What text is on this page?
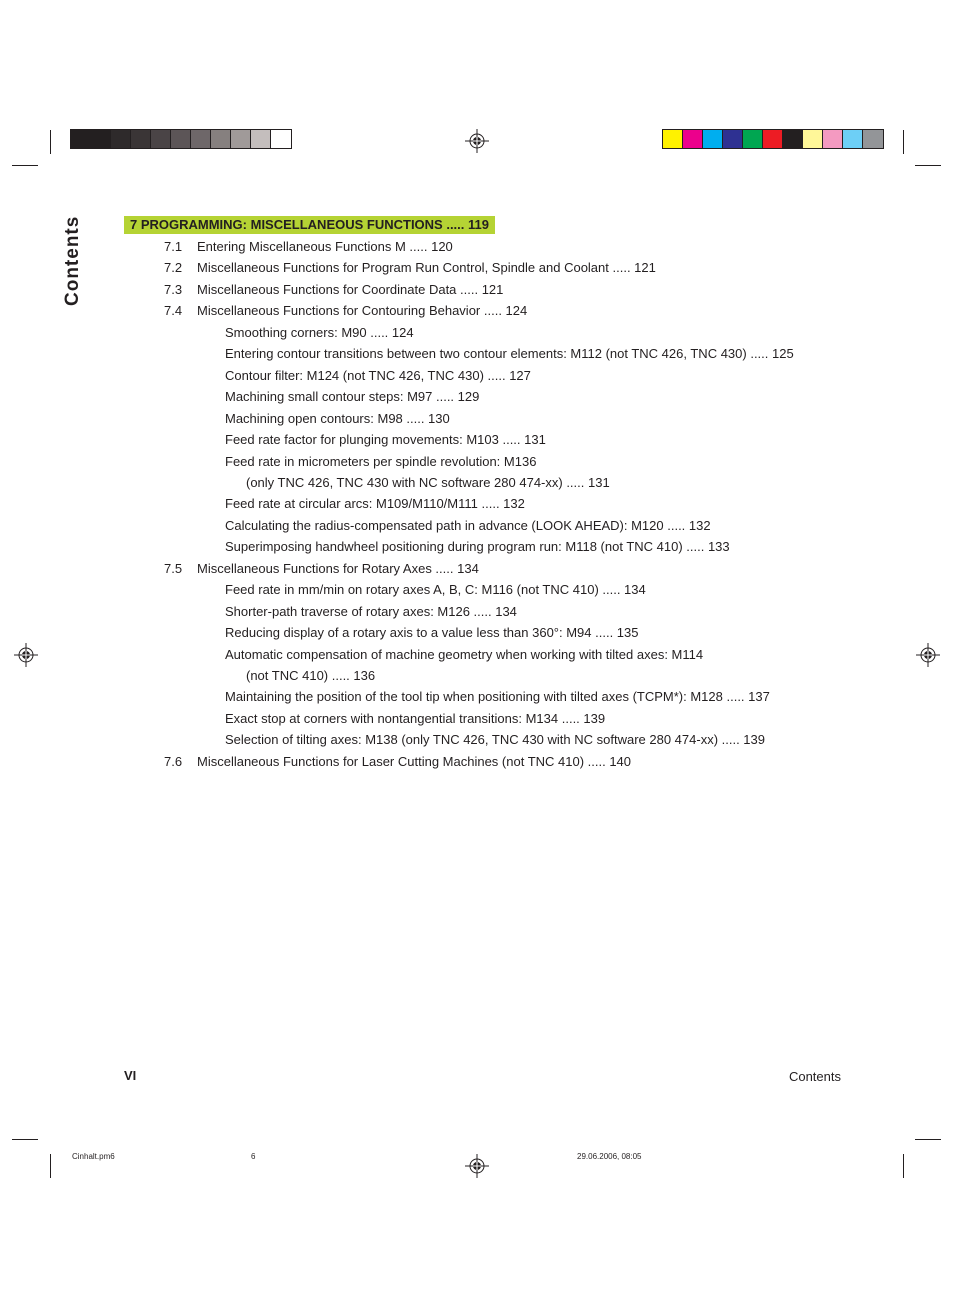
Contents	7 PROGRAMMING: MISCELLANEOUS FUNCTIONS ..... 119
7.1 Entering Miscellaneous Functions M ..... 120
7.2 Miscellaneous Functions for Program Run Control, Spindle and Coolant ..... 121
7.3 Miscellaneous Functions for Coordinate Data ..... 121
7.4 Miscellaneous Functions for Contouring Behavior ..... 124
Smoothing corners: M90 ..... 124
Entering contour transitions between two contour elements: M112 (not TNC 426, TNC 430) ..... 125
Contour filter: M124 (not TNC 426, TNC 430) ..... 127
Machining small contour steps: M97 ..... 129
Machining open contours: M98 ..... 130
Feed rate factor for plunging movements: M103 ..... 131
Feed rate in micrometers per spindle revolution: M136
(only TNC 426, TNC 430 with NC software 280 474-xx) ..... 131
Feed rate at circular arcs: M109/M110/M111 ..... 132
Calculating the radius-compensated path in advance (LOOK AHEAD): M120 ..... 132
Superimposing handwheel positioning during program run: M118 (not TNC 410) ..... 133
7.5 Miscellaneous Functions for Rotary Axes ..... 134
Feed rate in mm/min on rotary axes A, B, C: M116 (not TNC 410) ..... 134
Shorter-path traverse of rotary axes: M126 ..... 134
Reducing display of a rotary axis to a value less than 360°: M94 ..... 135
Automatic compensation of machine geometry when working with tilted axes: M114
(not TNC 410) ..... 136
Maintaining the position of the tool tip when positioning with tilted axes (TCPM*): M128 ..... 137
Exact stop at corners with nontangential transitions: M134 ..... 139
Selection of tilting axes: M138 (only TNC 426, TNC 430 with NC software 280 474-xx) ..... 139
7.6 Miscellaneous Functions for Laser Cutting Machines (not TNC 410) ..... 140
VI	Contents
Cinhalt.pm6	6	29.06.2006, 08:05
